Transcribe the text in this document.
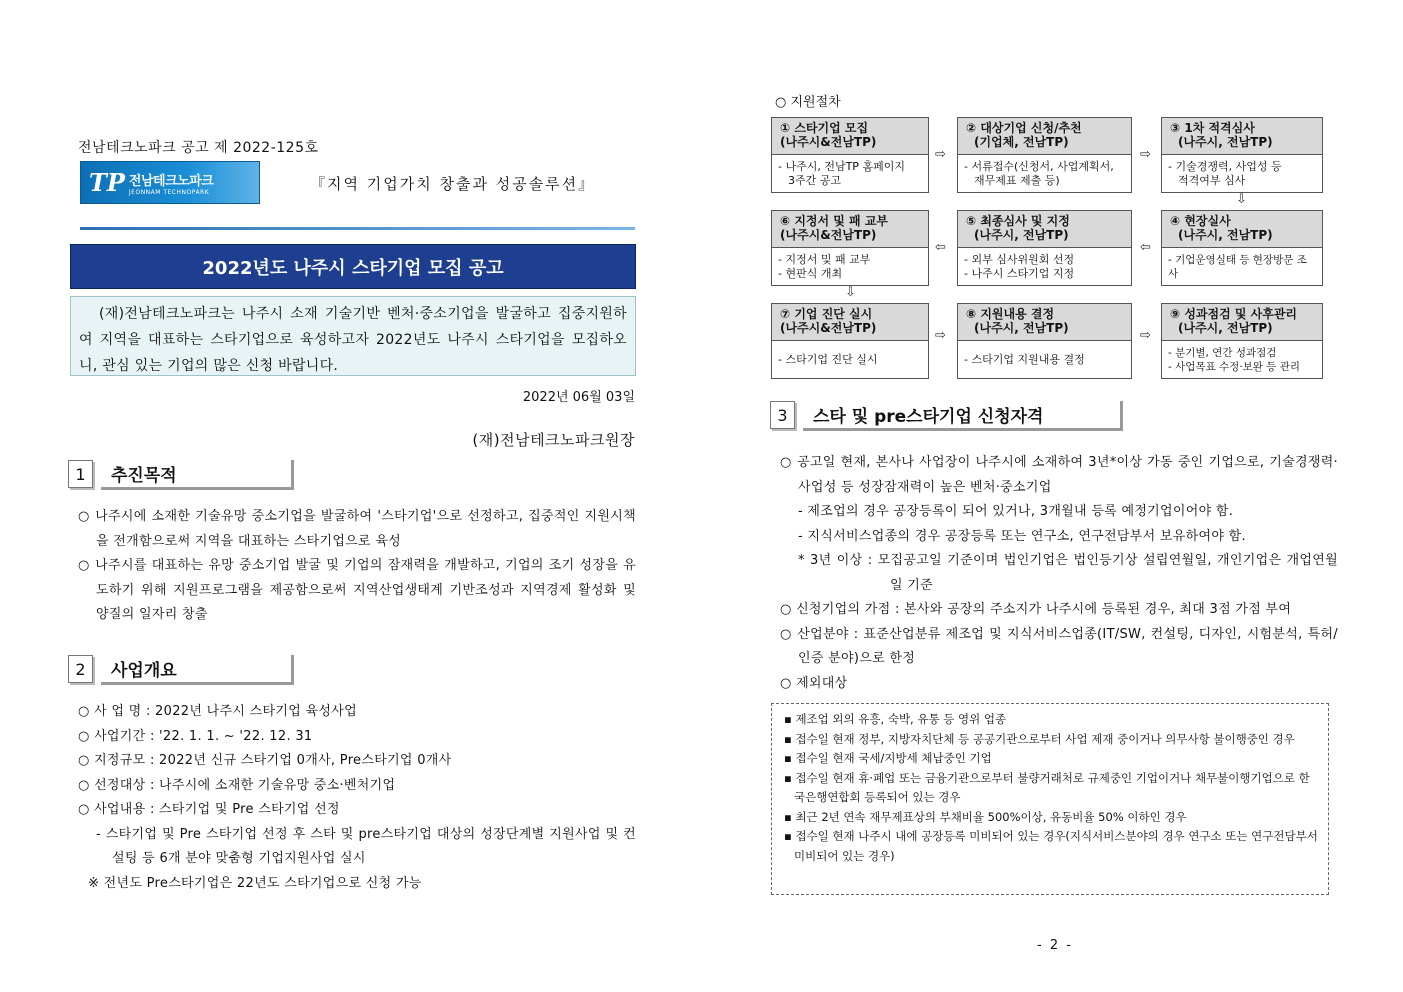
전남테크노파크 공고 제 2022-125호
TP 전남테크노파크
JEONNAM TECHNOPARK	『지역 기업가치 창출과 성공솔루션』
2022년도 나주시 스타기업 모집 공고
(재)전남테크노파크는 나주시 소재 기술기반 벤처·중소기업을 발굴하고 집중지원하여 지역을 대표하는 스타기업으로 육성하고자 2022년도 나주시 스타기업을 모집하오니, 관심 있는 기업의 많은 신청 바랍니다.
2022년 06월 03일
(재)전남테크노파크원장
1	추진목적
○ 나주시에 소재한 기술유망 중소기업을 발굴하여 '스타기업'으로 선정하고, 집중적인 지원시책을 전개함으로써 지역을 대표하는 스타기업으로 육성
○ 나주시를 대표하는 유망 중소기업 발굴 및 기업의 잠재력을 개발하고, 기업의 조기 성장을 유도하기 위해 지원프로그램을 제공함으로써 지역산업생태계 기반조성과 지역경제 활성화 및 양질의 일자리 창출
2	사업개요
○ 사 업 명 : 2022년 나주시 스타기업 육성사업
○ 사업기간 : '22. 1. 1. ~ '22. 12. 31
○ 지정규모 : 2022년 신규 스타기업 0개사, Pre스타기업 0개사
○ 선정대상 : 나주시에 소재한 기술유망 중소·벤처기업
○ 사업내용 : 스타기업 및 Pre 스타기업 선정
- 스타기업 및 Pre 스타기업 선정 후 스타 및 pre스타기업 대상의 성장단계별 지원사업 및 컨설팅 등 6개 분야 맞춤형 기업지원사업 실시
※ 전년도 Pre스타기업은 22년도 스타기업으로 신청 가능
○ 지원절차
① 스타기업 모집
(나주시&전남TP)
- 나주시, 전남TP 홈페이지
3주간 공고
⇨
② 대상기업 신청/추천
(기업체, 전남TP)
- 서류접수(신청서, 사업계획서,
재무제표 제출 등)
⇨
③ 1차 적격심사
(나주시, 전남TP)
- 기술경쟁력, 사업성 등
적격여부 심사
⇩
⑥ 지정서 및 패 교부
(나주시&전남TP)
- 지정서 및 패 교부
- 현판식 개최
⇦
⑤ 최종심사 및 지정
(나주시, 전남TP)
- 외부 심사위원회 선정
- 나주시 스타기업 지정
⇦
④ 현장실사
(나주시, 전남TP)
- 기업운영실태 등 현장방문 조사
⇩
⑦ 기업 진단 실시
(나주시&전남TP)
- 스타기업 진단 실시
⇨
⑧ 지원내용 결정
(나주시, 전남TP)
- 스타기업 지원내용 결정
⇨
⑨ 성과점검 및 사후관리
(나주시, 전남TP)
- 분기별, 연간 성과점검
- 사업목표 수정·보완 등 관리
3	스타 및 pre스타기업 신청자격
○ 공고일 현재, 본사나 사업장이 나주시에 소재하여 3년*이상 가동 중인 기업으로, 기술경쟁력·사업성 등 성장잠재력이 높은 벤처·중소기업
- 제조업의 경우 공장등록이 되어 있거나, 3개월내 등록 예정기업이어야 함.
- 지식서비스업종의 경우 공장등록 또는 연구소, 연구전담부서 보유하여야 함.
* 3년 이상 : 모집공고일 기준이며 법인기업은 법인등기상 설립연월일, 개인기업은 개업연월일 기준
○ 신청기업의 가점 : 본사와 공장의 주소지가 나주시에 등록된 경우, 최대 3점 가점 부여
○ 산업분야 : 표준산업분류 제조업 및 지식서비스업종(IT/SW, 컨설팅, 디자인, 시험분석, 특허/인증 분야)으로 한정
○ 제외대상
▪ 제조업 외의 유흥, 숙박, 유통 등 영위 업종
▪ 접수일 현재 정부, 지방자치단체 등 공공기관으로부터 사업 제재 중이거나 의무사항 불이행중인 경우
▪ 접수일 현재 국세/지방세 체납중인 기업
▪ 접수일 현재 휴·폐업 또는 금융기관으로부터 불량거래처로 규제중인 기업이거나 채무불이행기업으로 한국은행연합회 등록되어 있는 경우
▪ 최근 2년 연속 재무제표상의 부채비율 500%이상, 유동비율 50% 이하인 경우
▪ 접수일 현재 나주시 내에 공장등록 미비되어 있는 경우(지식서비스분야의 경우 연구소 또는 연구전담부서 미비되어 있는 경우)
- 2 -
